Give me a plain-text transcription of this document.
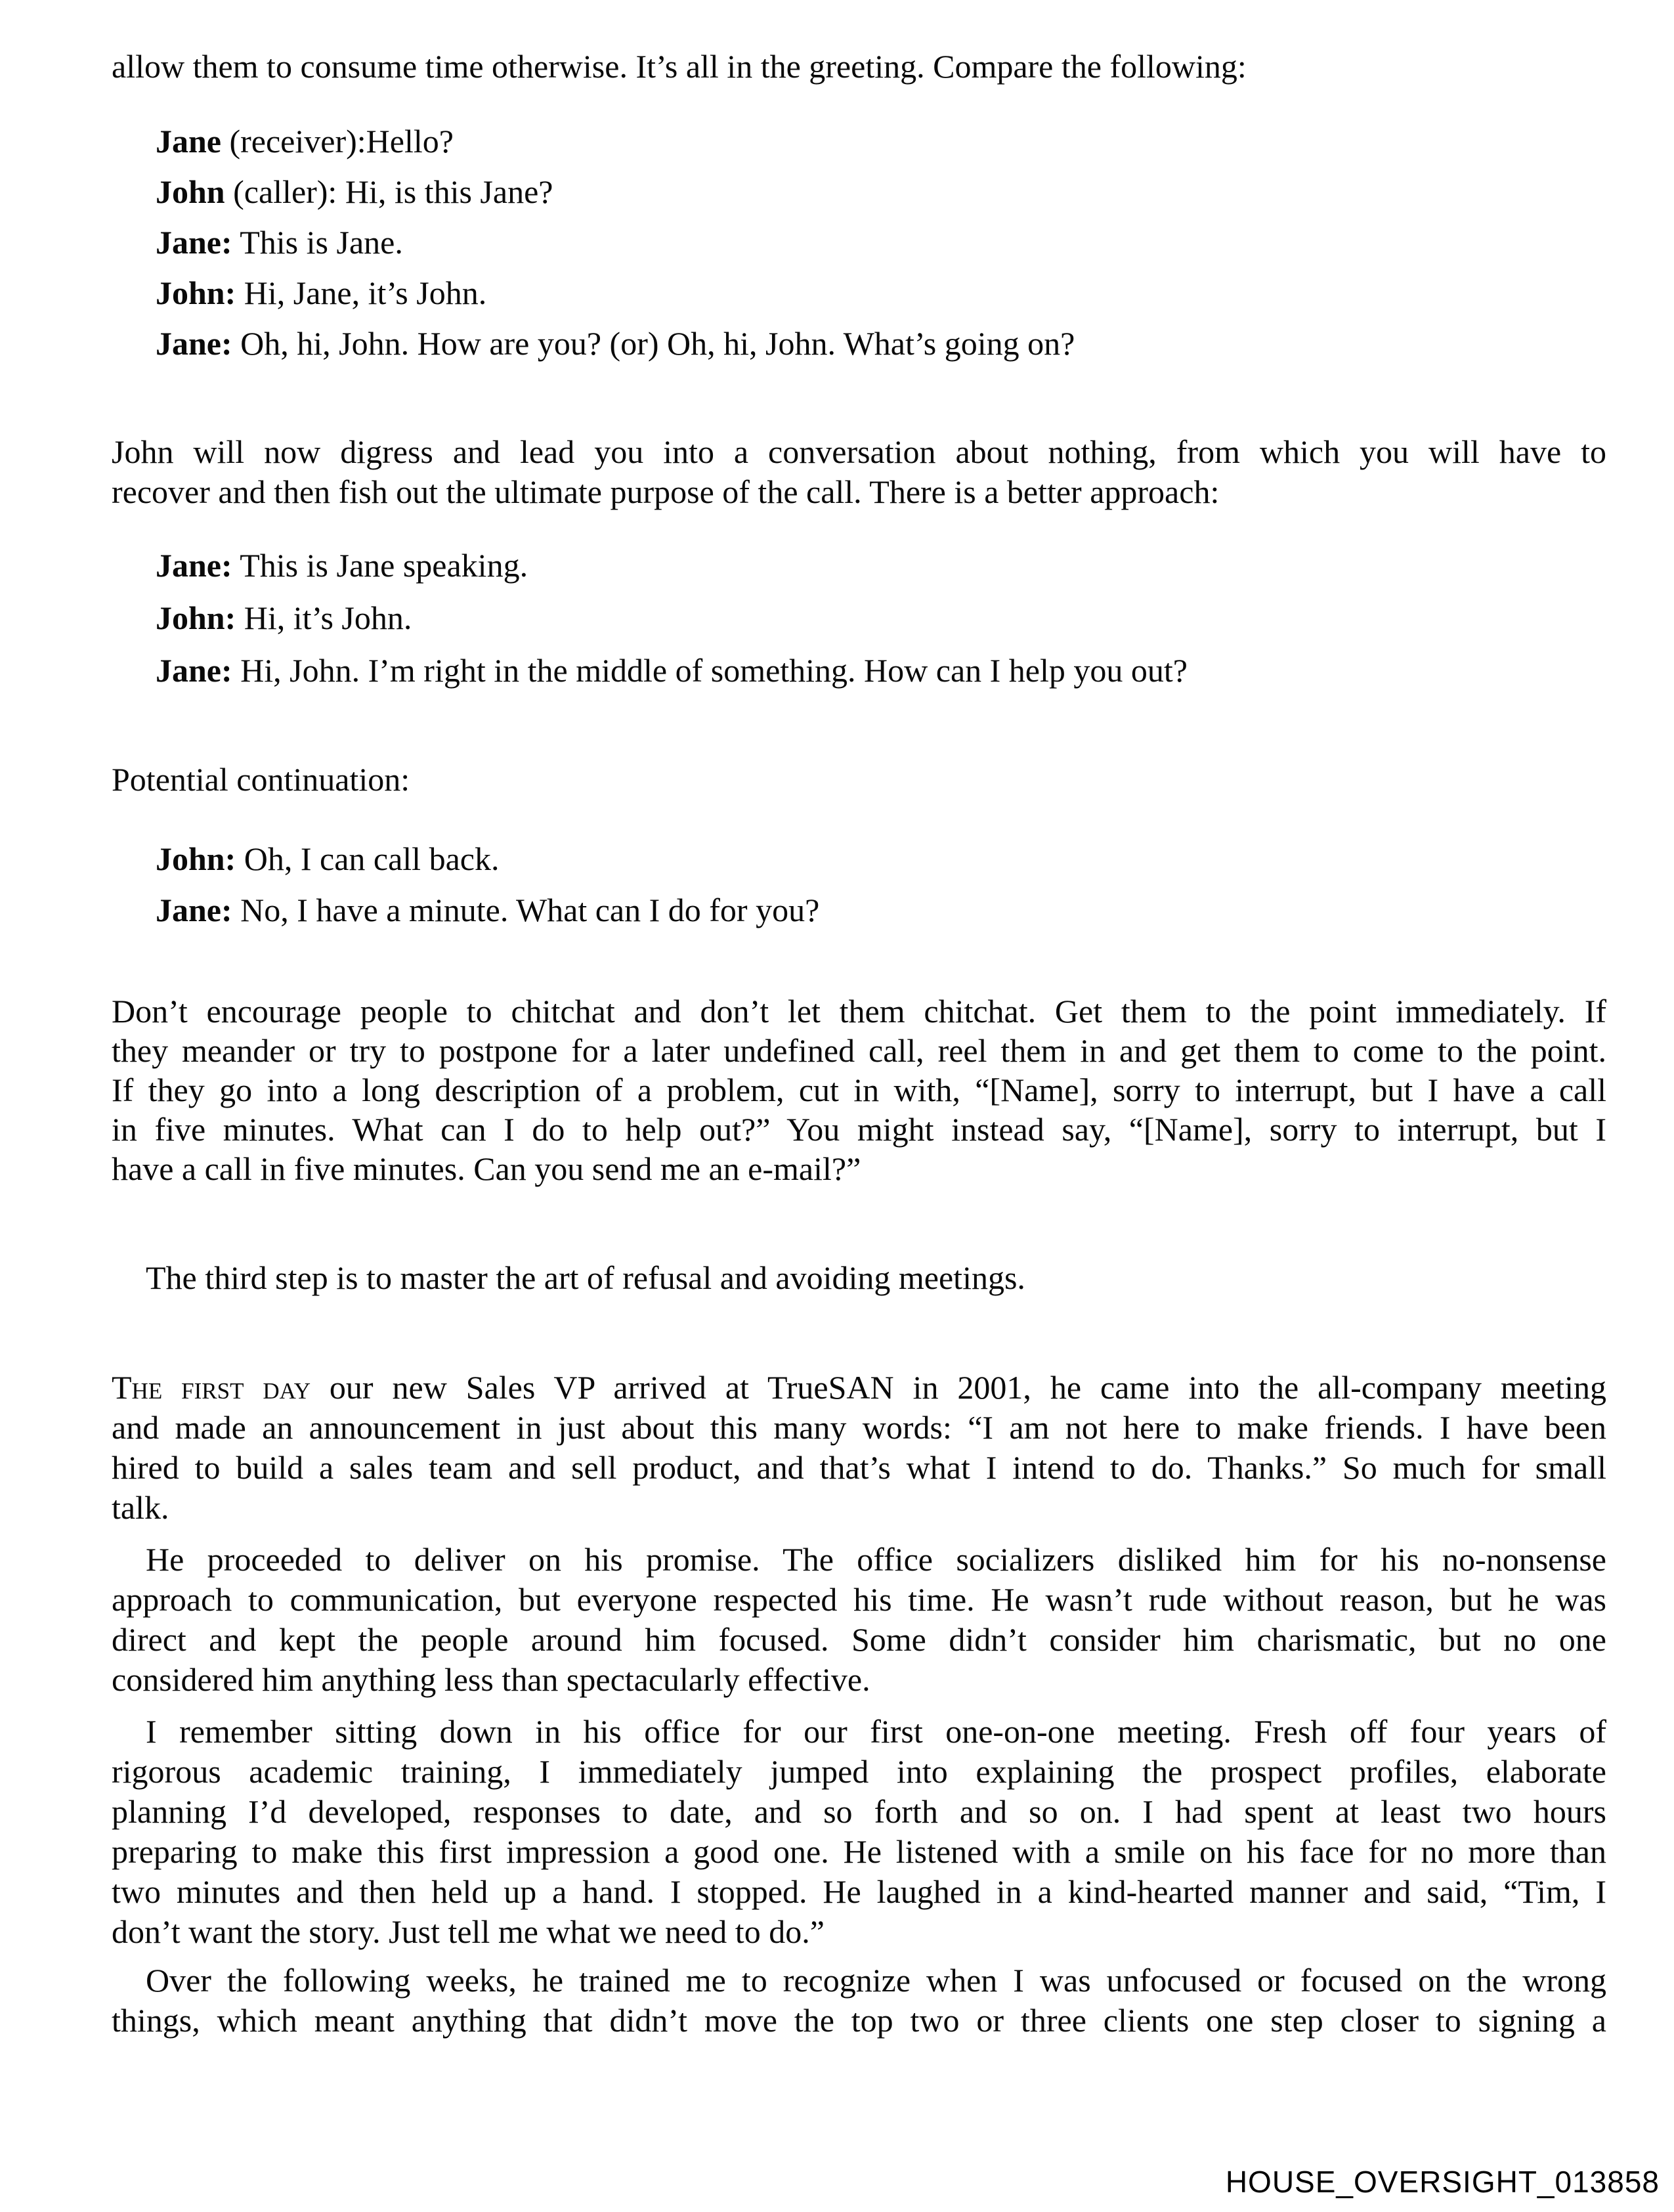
allow them to consume time otherwise. It’s all in the greeting. Compare the following:

Jane (receiver):Hello?

John (caller): Hi, is this Jane?

Jane: This is Jane.

John: Hi, Jane, it’s John.

Jane: Oh, hi, John. How are you? (or) Oh, hi, John. What’s going on?

John will now digress and lead you into a conversation about nothing, from which you will have to
recover and then fish out the ultimate purpose of the call. There is a better approach:

Jane: This is Jane speaking.

John: Hi, it’s John.

Jane: Hi, John. I’m right in the middle of something. How can I help you out?

Potential continuation:

John: Oh, I can call back.

Jane: No, I have a minute. What can I do for you?

Don’t encourage people to chitchat and don’t let them chitchat. Get them to the point immediately. If
they meander or try to postpone for a later undefined call, reel them in and get them to come to the point.
If they go into a long description of a problem, cut in with, “[Name], sorry to interrupt, but I have a call
in five minutes. What can I do to help out?” You might instead say, “[Name], sorry to interrupt, but I
have a call in five minutes. Can you send me an e-mail?”
The third step is to master the art of refusal and avoiding meetings.
The first day our new Sales VP arrived at TrueSAN in 2001, he came into the all-company meeting
and made an announcement in just about this many words: “I am not here to make friends. I have been
hired to build a sales team and sell product, and that’s what I intend to do. Thanks.” So much for small
talk.
He proceeded to deliver on his promise. The office socializers disliked him for his no-nonsense
approach to communication, but everyone respected his time. He wasn’t rude without reason, but he was
direct and kept the people around him focused. Some didn’t consider him charismatic, but no one
considered him anything less than spectacularly effective.
I remember sitting down in his office for our first one-on-one meeting. Fresh off four years of
rigorous academic training, I immediately jumped into explaining the prospect profiles, elaborate
planning I’d developed, responses to date, and so forth and so on. I had spent at least two hours
preparing to make this first impression a good one. He listened with a smile on his face for no more than
two minutes and then held up a hand. I stopped. He laughed in a kind-hearted manner and said, “Tim, I
don’t want the story. Just tell me what we need to do.”
Over the following weeks, he trained me to recognize when I was unfocused or focused on the wrong
things, which meant anything that didn’t move the top two or three clients one step closer to signing a
HOUSE_OVERSIGHT_013858
